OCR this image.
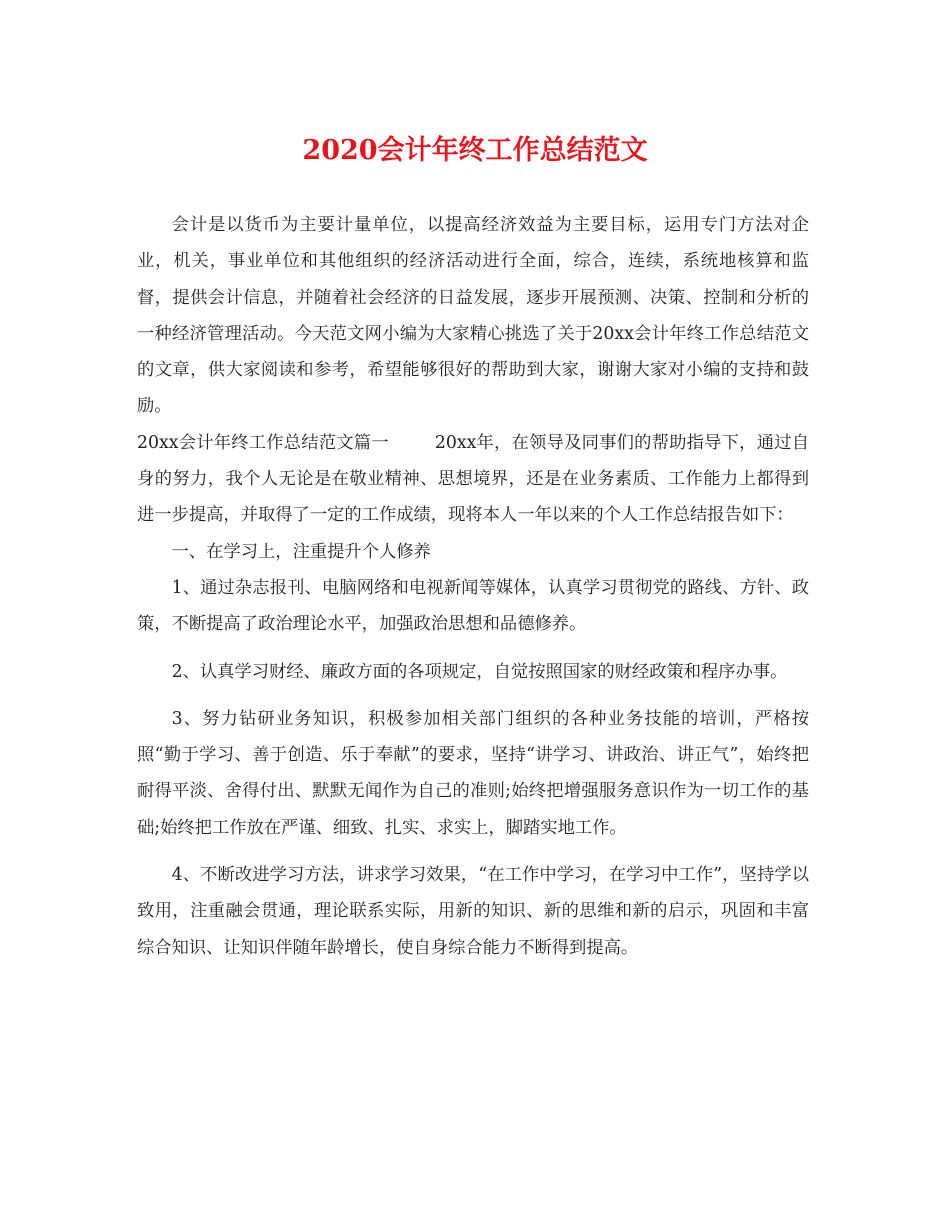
2020会计年终工作总结范文

会计是以货币为主要计量单位，以提高经济效益为主要目标，运用专门方法对企业，机关，事业单位和其他组织的经济活动进行全面，综合，连续，系统地核算和监督，提供会计信息，并随着社会经济的日益发展，逐步开展预测、决策、控制和分析的一种经济管理活动。今天范文网小编为大家精心挑选了关于20xx会计年终工作总结范文的文章，供大家阅读和参考，希望能够很好的帮助到大家，谢谢大家对小编的支持和鼓励。

20xx会计年终工作总结范文篇一	20xx年，在领导及同事们的帮助指导下，通过自身的努力，我个人无论是在敬业精神、思想境界，还是在业务素质、工作能力上都得到进一步提高，并取得了一定的工作成绩，现将本人一年以来的个人工作总结报告如下：

一、在学习上，注重提升个人修养

1、通过杂志报刊、电脑网络和电视新闻等媒体，认真学习贯彻党的路线、方针、政策，不断提高了政治理论水平，加强政治思想和品德修养。

2、认真学习财经、廉政方面的各项规定，自觉按照国家的财经政策和程序办事。

3、努力钻研业务知识，积极参加相关部门组织的各种业务技能的培训，严格按照“勤于学习、善于创造、乐于奉献”的要求，坚持“讲学习、讲政治、讲正气”，始终把耐得平淡、舍得付出、默默无闻作为自己的准则;始终把增强服务意识作为一切工作的基础;始终把工作放在严谨、细致、扎实、求实上，脚踏实地工作。

4、不断改进学习方法，讲求学习效果，“在工作中学习，在学习中工作”，坚持学以致用，注重融会贯通，理论联系实际，用新的知识、新的思维和新的启示，巩固和丰富综合知识、让知识伴随年龄增长，使自身综合能力不断得到提高。
